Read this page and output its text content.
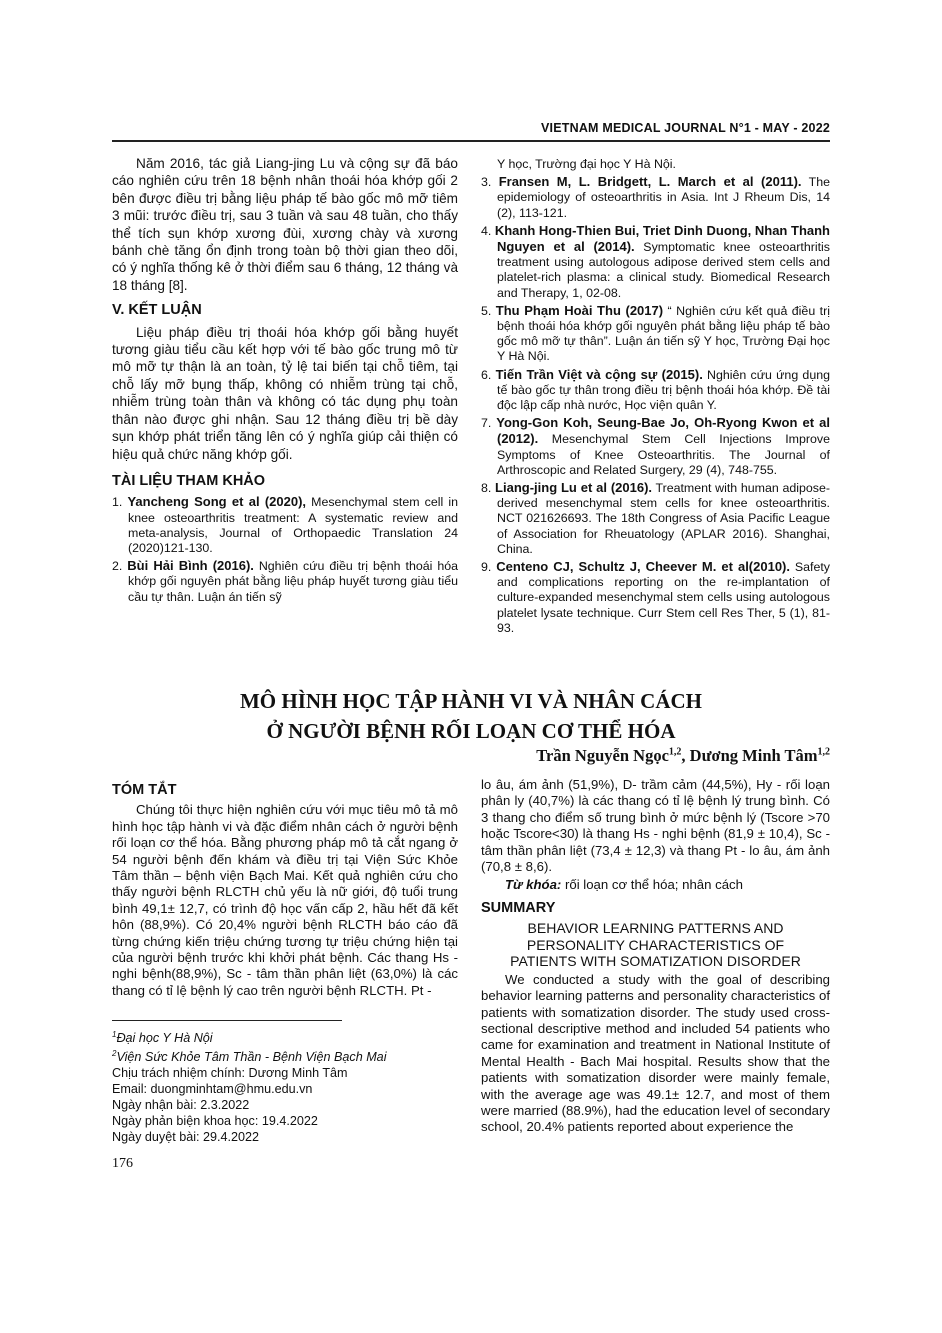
VIETNAM MEDICAL JOURNAL N°1 - MAY - 2022

Năm 2016, tác giả Liang-jing Lu và cộng sự đã báo cáo nghiên cứu trên 18 bệnh nhân thoái hóa khớp gối 2 bên được điều trị bằng liệu pháp tế bào gốc mô mỡ tiêm 3 mũi: trước điều trị, sau 3 tuần và sau 48 tuần, cho thấy thể tích sụn khớp xương đùi, xương chày và xương bánh chè tăng ổn định trong toàn bộ thời gian theo dõi, có ý nghĩa thống kê ở thời điểm sau 6 tháng, 12 tháng và 18 tháng [8].

V. KẾT LUẬN

Liệu pháp điều trị thoái hóa khớp gối bằng huyết tương giàu tiểu cầu kết hợp với tế bào gốc trung mô từ mô mỡ tự thận là an toàn, tỷ lệ tai biến tại chỗ tiêm, tại chỗ lấy mỡ bụng thấp, không có nhiễm trùng tại chỗ, nhiễm trùng toàn thân và không có tác dụng phụ toàn thân nào được ghi nhận. Sau 12 tháng điều trị bề dày sụn khớp phát triển tăng lên có ý nghĩa giúp cải thiện có hiệu quả chức năng khớp gối.

TÀI LIỆU THAM KHẢO
1. Yancheng Song et al (2020), Mesenchymal stem cell in knee osteoarthritis treatment: A systematic review and meta-analysis, Journal of Orthopaedic Translation 24 (2020)121-130.
2. Bùi Hải Bình (2016). Nghiên cứu điều trị bệnh thoái hóa khớp gối nguyên phát bằng liệu pháp huyết tương giàu tiểu cầu tự thân. Luận án tiến sỹ
Y học, Trường đại học Y Hà Nội.
3. Fransen M, L. Bridgett, L. March et al (2011). The epidemiology of osteoarthritis in Asia. Int J Rheum Dis, 14 (2), 113-121.
4. Khanh Hong-Thien Bui, Triet Dinh Duong, Nhan Thanh Nguyen et al (2014). Symptomatic knee osteoarthritis treatment using autologous adipose derived stem cells and platelet-rich plasma: a clinical study. Biomedical Research and Therapy, 1, 02-08.
5. Thu Phạm Hoài Thu (2017) “ Nghiên cứu kết quả điều trị bệnh thoái hóa khớp gối nguyên phát bằng liệu pháp tế bào gốc mô mỡ tự thân”. Luận án tiến sỹ Y học, Trường Đại học Y Hà Nội.
6. Tiến Trần Việt và cộng sự (2015). Nghiên cứu ứng dụng tế bào gốc tự thân trong điều trị bệnh thoái hóa khớp. Đề tài độc lập cấp nhà nước, Học viện quân Y.
7. Yong-Gon Koh, Seung-Bae Jo, Oh-Ryong Kwon et al (2012). Mesenchymal Stem Cell Injections Improve Symptoms of Knee Osteoarthritis. The Journal of Arthroscopic and Related Surgery, 29 (4), 748-755.
8. Liang-jing Lu et al (2016). Treatment with human adipose- derived mesenchymal stem cells for knee osteoarthritis. NCT 021626693. The 18th Congress of Asia Pacific League of Association for Rheuatology (APLAR 2016). Shanghai, China.
9. Centeno CJ, Schultz J, Cheever M. et al(2010). Safety and complications reporting on the re-implantation of culture-expanded mesenchymal stem cells using autologous platelet lysate technique. Curr Stem cell Res Ther, 5 (1), 81-93.
MÔ HÌNH HỌC TẬP HÀNH VI VÀ NHÂN CÁCH
Ở NGƯỜI BỆNH RỐI LOẠN CƠ THỂ HÓA
Trần Nguyễn Ngọc$^{1,2}$, Dương Minh Tâm$^{1,2}$
TÓM TẮT

Chúng tôi thực hiện nghiên cứu với mục tiêu mô tả mô hình học tập hành vi và đặc điểm nhân cách ở người bệnh rối loạn cơ thể hóa. Bằng phương pháp mô tả cắt ngang ở 54 người bệnh đến khám và điều trị tại Viện Sức Khỏe Tâm thần – bệnh viện Bạch Mai. Kết quả nghiên cứu cho thấy người bệnh RLCTH chủ yếu là nữ giới, độ tuổi trung bình 49,1± 12,7, có trình độ học vấn cấp 2, hầu hết đã kết hôn (88,9%). Có 20,4% người bệnh RLCTH báo cáo đã từng chứng kiến triệu chứng tương tự triệu chứng hiện tại của người bệnh trước khi khởi phát bệnh. Các thang Hs - nghi bệnh(88,9%), Sc - tâm thần phân liệt (63,0%) là các thang có tỉ lệ bệnh lý cao trên người bệnh RLCTH. Pt -

lo âu, ám ảnh (51,9%), D- trầm cảm (44,5%), Hy - rối loạn phân ly (40,7%) là các thang có tỉ lệ bệnh lý trung bình. Có 3 thang cho điểm số trung bình ở mức bệnh lý (Tscore >70 hoặc Tscore<30) là thang Hs - nghi bệnh (81,9 ± 10,4), Sc - tâm thần phân liệt (73,4 ± 12,3) và thang Pt - lo âu, ám ảnh (70,8 ± 8,6).

Từ khóa: rối loạn cơ thể hóa; nhân cách

SUMMARY
BEHAVIOR LEARNING PATTERNS AND
PERSONALITY CHARACTERISTICS OF
PATIENTS WITH SOMATIZATION DISORDER

We conducted a study with the goal of describing behavior learning patterns and personality characteristics of patients with somatization disorder. The study used cross-sectional descriptive method and included 54 patients who came for examination and treatment in National Institute of Mental Health - Bach Mai hospital. Results show that the patients with somatization disorder were mainly female, with the average age was 49.1± 12.7, and most of them were married (88.9%), had the education level of secondary school, 20.4% patients reported about experience the

$^1$Đại học Y Hà Nội
$^2$Viện Sức Khỏe Tâm Thần - Bệnh Viện Bạch Mai
Chịu trách nhiệm chính: Dương Minh Tâm
Email: duongminhtam@hmu.edu.vn
Ngày nhận bài: 2.3.2022
Ngày phản biện khoa học: 19.4.2022
Ngày duyệt bài: 29.4.2022
176
